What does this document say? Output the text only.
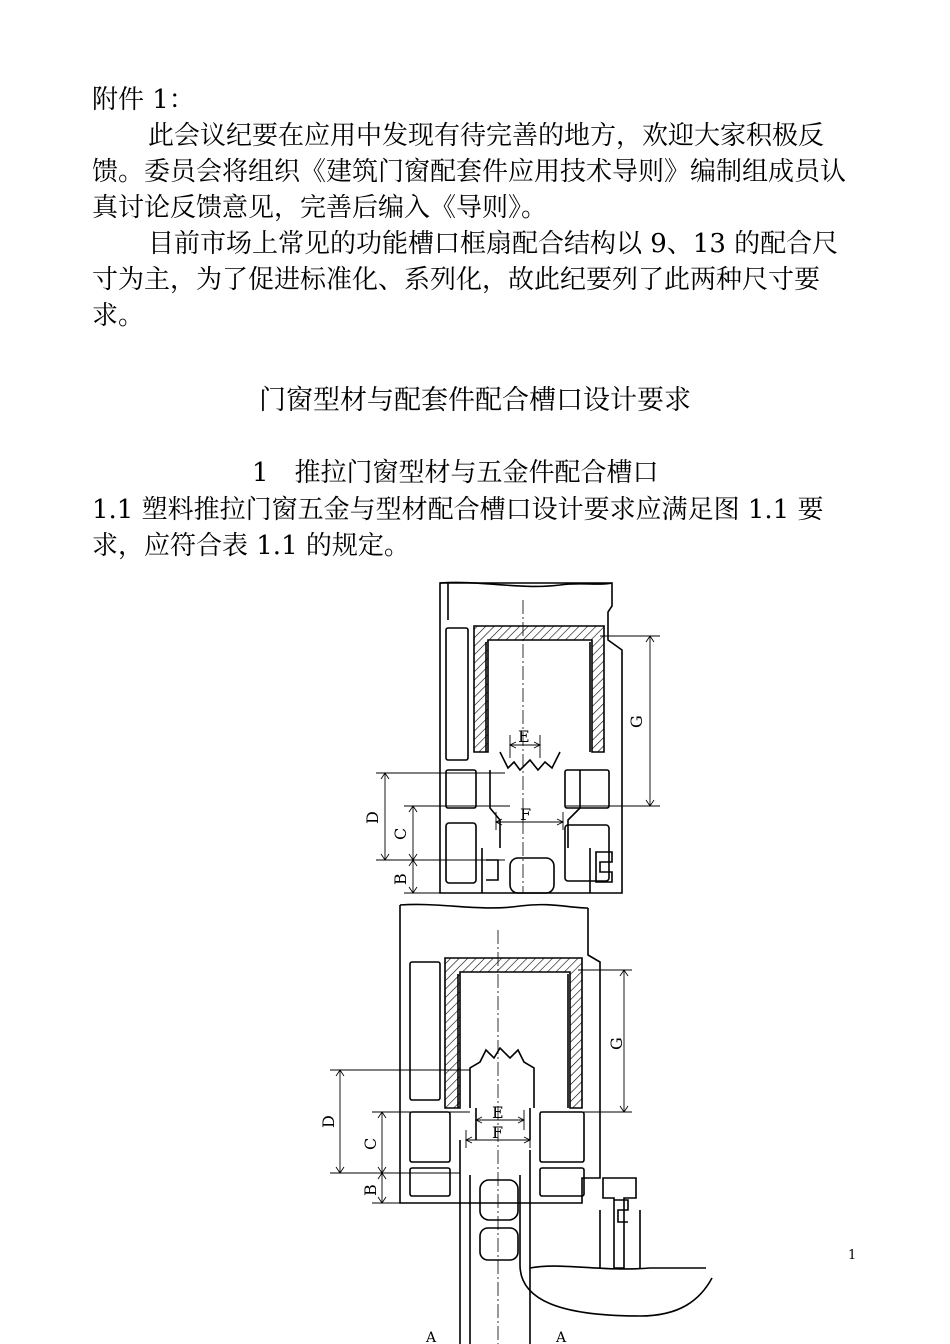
附件 1：

此会议纪要在应用中发现有待完善的地方，欢迎大家积极反馈。委员会将组织《建筑门窗配套件应用技术导则》编制组成员认真讨论反馈意见，完善后编入《导则》。

目前市场上常见的功能槽口框扇配合结构以 9、13 的配合尺寸为主，为了促进标准化、系列化，故此纪要列了此两种尺寸要求。

门窗型材与配套件配合槽口设计要求
1　推拉门窗型材与五金件配合槽口
1.1 塑料推拉门窗五金与型材配合槽口设计要求应满足图 1.1 要求，应符合表 1.1 的规定。
1
G
E
D	F
C
B
G
D	E
F
C
B
A	A
